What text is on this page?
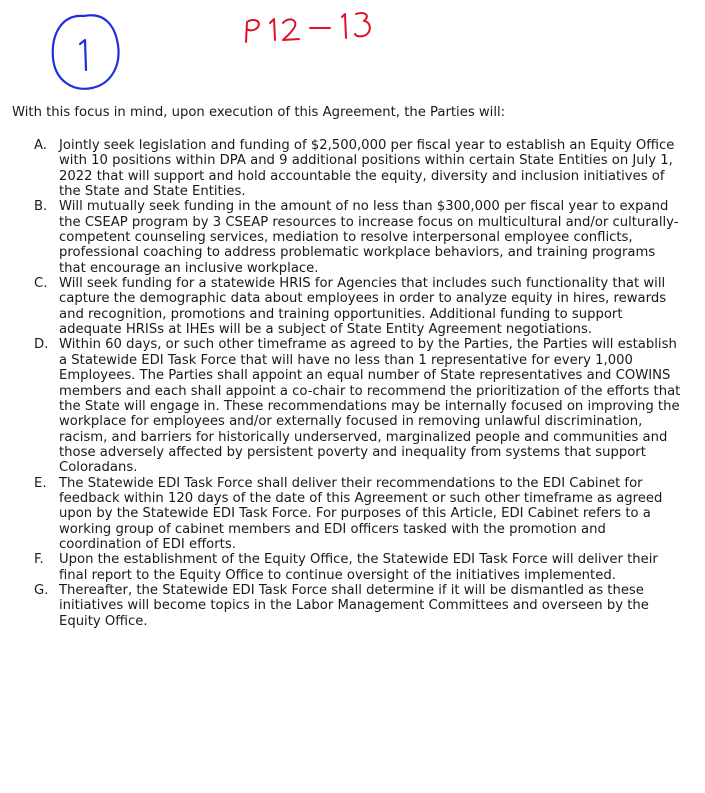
With this focus in mind, upon execution of this Agreement, the Parties will:
A. Jointly seek legislation and funding of $2,500,000 per fiscal year to establish an Equity Office with 10 positions within DPA and 9 additional positions within certain State Entities on July 1, 2022 that will support and hold accountable the equity, diversity and inclusion initiatives of the State and State Entities.
B. Will mutually seek funding in the amount of no less than $300,000 per fiscal year to expand the CSEAP program by 3 CSEAP resources to increase focus on multicultural and/or culturally-competent counseling services, mediation to resolve interpersonal employee conflicts, professional coaching to address problematic workplace behaviors, and training programs that encourage an inclusive workplace.
C. Will seek funding for a statewide HRIS for Agencies that includes such functionality that will capture the demographic data about employees in order to analyze equity in hires, rewards and recognition, promotions and training opportunities. Additional funding to support adequate HRISs at IHEs will be a subject of State Entity Agreement negotiations.
D. Within 60 days, or such other timeframe as agreed to by the Parties, the Parties will establish a Statewide EDI Task Force that will have no less than 1 representative for every 1,000 Employees. The Parties shall appoint an equal number of State representatives and COWINS members and each shall appoint a co-chair to recommend the prioritization of the efforts that the State will engage in. These recommendations may be internally focused on improving the workplace for employees and/or externally focused in removing unlawful discrimination, racism, and barriers for historically underserved, marginalized people and communities and those adversely affected by persistent poverty and inequality from systems that support Coloradans.
E. The Statewide EDI Task Force shall deliver their recommendations to the EDI Cabinet for feedback within 120 days of the date of this Agreement or such other timeframe as agreed upon by the Statewide EDI Task Force. For purposes of this Article, EDI Cabinet refers to a working group of cabinet members and EDI officers tasked with the promotion and coordination of EDI efforts.
F. Upon the establishment of the Equity Office, the Statewide EDI Task Force will deliver their final report to the Equity Office to continue oversight of the initiatives implemented.
G. Thereafter, the Statewide EDI Task Force shall determine if it will be dismantled as these initiatives will become topics in the Labor Management Committees and overseen by the Equity Office.
